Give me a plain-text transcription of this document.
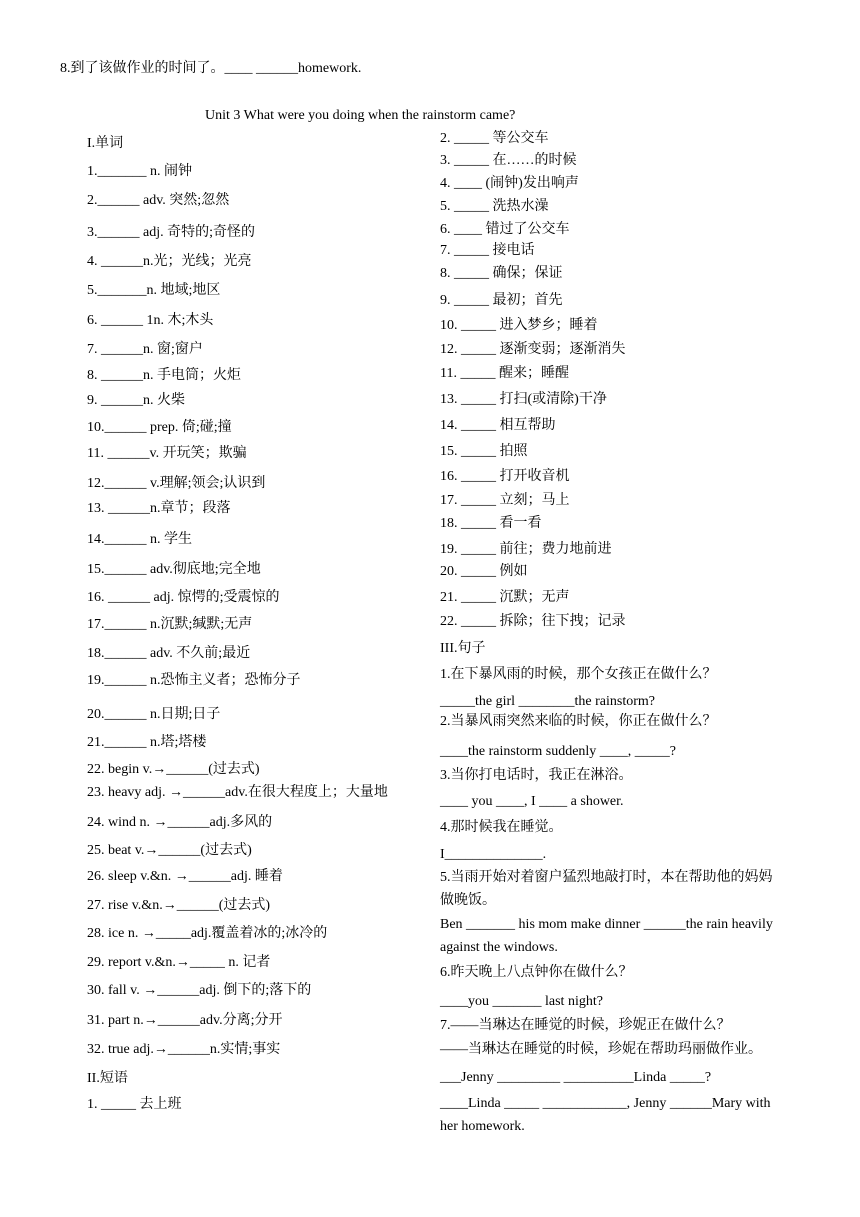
8.到了该做作业的时间了。____ ______homework.
Unit 3 What were you doing when the rainstorm came?
I.单词
1._______ n. 闹钟
2.______ adv. 突然;忽然
3.______ adj. 奇特的;奇怪的
4. ______n.光；光线；光亮
5._______n. 地域;地区
6. ______ 1n. 木;木头
7. ______n. 窗;窗户
8. ______n. 手电筒；火炬
9. ______n. 火柴
10.______ prep. 倚;碰;撞
11. ______v. 开玩笑；欺骗
12.______ v.理解;领会;认识到
13. ______n.章节；段落
14.______ n. 学生
15.______ adv.彻底地;完全地
16. ______ adj. 惊愕的;受震惊的
17.______ n.沉默;缄默;无声
18.______ adv. 不久前;最近
19.______ n.恐怖主义者；恐怖分子
20.______ n.日期;日子
21.______ n.塔;塔楼
22. begin v.→______(过去式)
23. heavy adj. →______adv.在很大程度上；大量地
24. wind n. →______adj.多风的
25. beat v.→______(过去式)
26. sleep v.&n. →______adj. 睡着
27. rise v.&n.→______(过去式)
28. ice n. →_____adj.覆盖着冰的;冰冷的
29. report v.&n.→_____ n. 记者
30. fall v. →______adj. 倒下的;落下的
31. part n.→______adv.分离;分开
32. true adj.→______n.实情;事实
II.短语
1. _____ 去上班
2. _____ 等公交车
3. _____ 在……的时候
4. ____ (闹钟)发出响声
5. _____ 洗热水澡
6. ____ 错过了公交车
7. _____ 接电话
8. _____ 确保；保证
9. _____ 最初；首先
10. _____ 进入梦乡；睡着
12. _____ 逐渐变弱；逐渐消失
11. _____ 醒来；睡醒
13. _____ 打扫(或清除)干净
14. _____ 相互帮助
15. _____ 拍照
16. _____ 打开收音机
17. _____ 立刻；马上
18. _____ 看一看
19. _____ 前往；费力地前进
20. _____ 例如
21. _____ 沉默；无声
22. _____ 拆除；往下拽；记录
III.句子
1.在下暴风雨的时候，那个女孩正在做什么？
_____the girl ________the rainstorm?
2.当暴风雨突然来临的时候，你正在做什么？
____the rainstorm suddenly ____, _____?
3.当你打电话时，我正在淋浴。
____ you ____, I ____ a shower.
4.那时候我在睡觉。
I______________.
5.当雨开始对着窗户猛烈地敲打时，本在帮助他的妈妈做晚饭。
Ben _______ his mom make dinner ______the rain heavily against the windows.
6.昨天晚上八点钟你在做什么？
____you _______ last night?
7.——当琳达在睡觉的时候，珍妮正在做什么？
——当琳达在睡觉的时候，珍妮在帮助玛丽做作业。
___Jenny _________ __________Linda _____?
____Linda _____ ____________, Jenny ______Mary with her homework.
